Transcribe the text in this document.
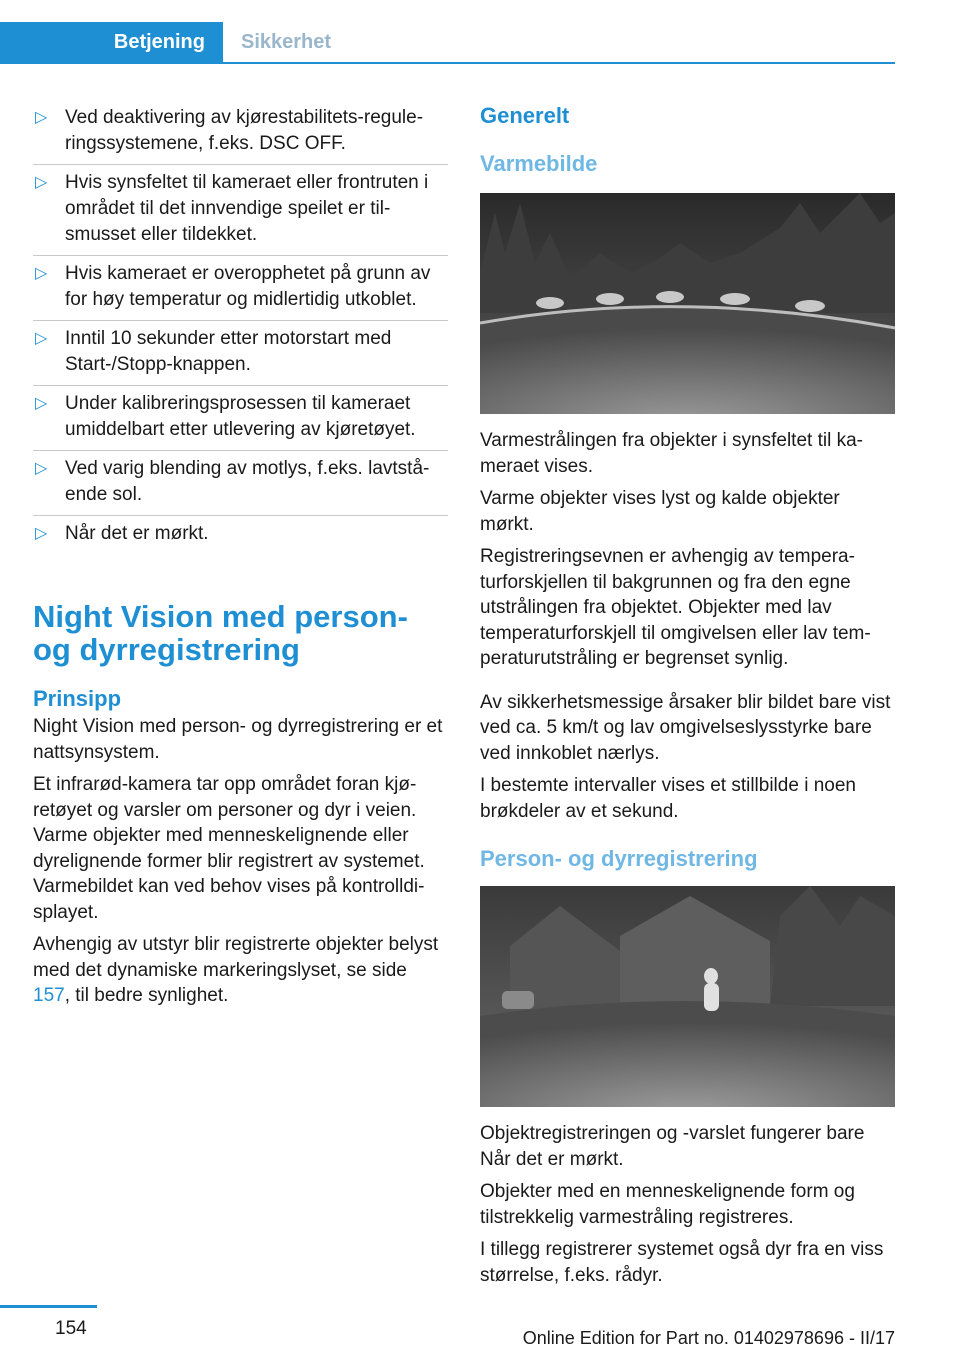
Betjening	Sikkerhet
▷ Ved deaktivering av kjørestabilitets-reguleringssystemene, f.eks. DSC OFF.
▷ Hvis synsfeltet til kameraet eller frontruten i området til det innvendige speilet er tilsmusset eller tildekket.
▷ Hvis kameraet er overopphetet på grunn av for høy temperatur og midlertidig utkoblet.
▷ Inntil 10 sekunder etter motorstart med Start-/Stopp-knappen.
▷ Under kalibreringsprosessen til kameraet umiddelbart etter utlevering av kjøretøyet.
▷ Ved varig blending av motlys, f.eks. lavtstående sol.
▷ Når det er mørkt.
Night Vision med person- og dyrregistrering
Prinsipp

Night Vision med person- og dyrregistrering er et nattsynsystem.

Et infrarød-kamera tar opp området foran kjøretøyet og varsler om personer og dyr i veien. Varme objekter med menneskelignende eller dyrelignende former blir registrert av systemet. Varmebildet kan ved behov vises på kontrolldisplayet.

Avhengig av utstyr blir registrerte objekter belyst med det dynamiske markeringslyset, se side 157, til bedre synlighet.

Generelt
Varmebilde

Varmestrålingen fra objekter i synsfeltet til kameraet vises.

Varme objekter vises lyst og kalde objekter mørkt.

Registreringsevnen er avhengig av temperaturforskjellen til bakgrunnen og fra den egne utstrålingen fra objektet. Objekter med lav temperaturforskjell til omgivelsen eller lav temperaturutstråling er begrenset synlig.

Av sikkerhetsmessige årsaker blir bildet bare vist ved ca. 5 km/t og lav omgivelseslysstyrke bare ved innkoblet nærlys.

I bestemte intervaller vises et stillbilde i noen brøkdeler av et sekund.

Person- og dyrregistrering

Objektregistreringen og -varslet fungerer bare Når det er mørkt.

Objekter med en menneskelignende form og tilstrekkelig varmestråling registreres.

I tillegg registrerer systemet også dyr fra en viss størrelse, f.eks. rådyr.

154	Online Edition for Part no. 01402978696 - II/17
